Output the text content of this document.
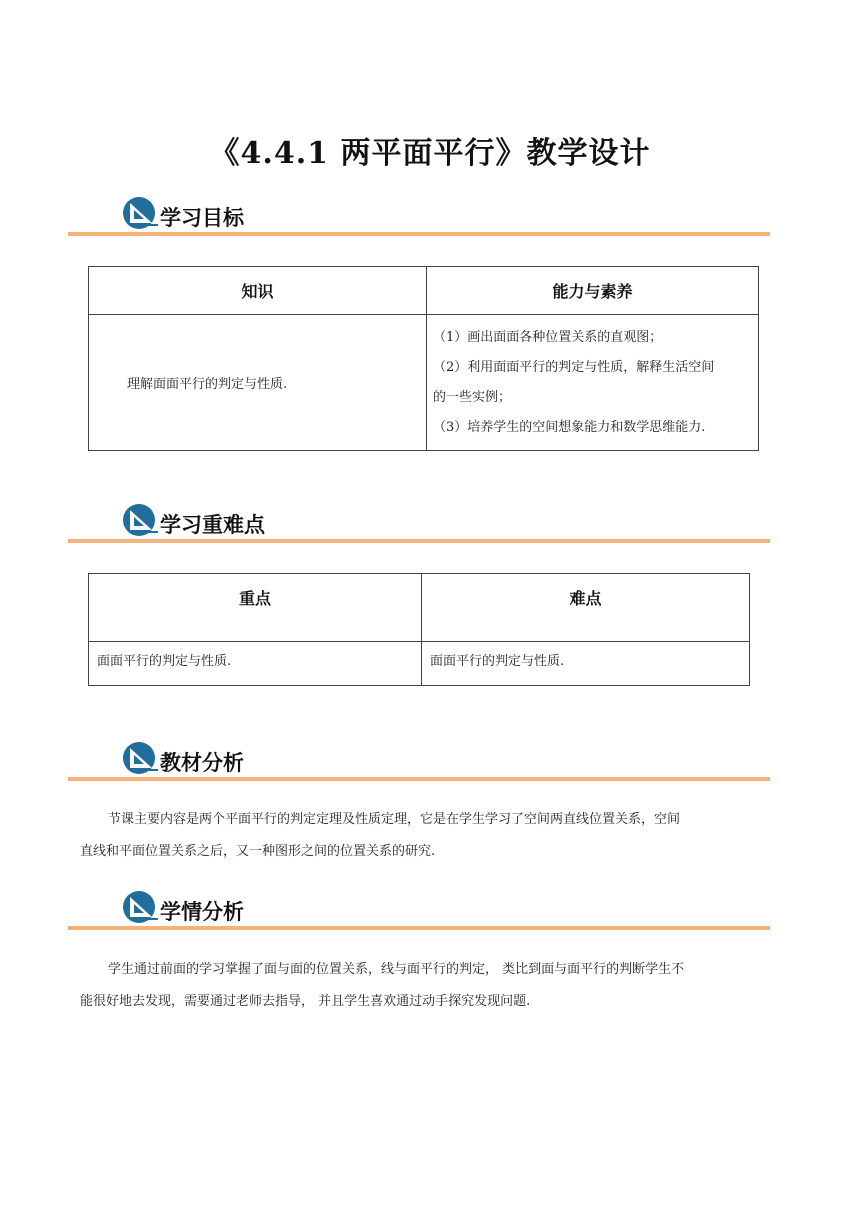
《4.4.1 两平面平行》教学设计
学习目标
知识	能力与素养
理解面面平行的判定与性质.	（1）画出面面各种位置关系的直观图；
（2）利用面面平行的判定与性质，解释生活空间
的一些实例；
（3）培养学生的空间想象能力和数学思维能力.
学习重难点
重点	难点
面面平行的判定与性质.	面面平行的判定与性质.
教材分析
节课主要内容是两个平面平行的判定定理及性质定理，它是在学生学习了空间两直线位置关系，空间
直线和平面位置关系之后，又一种图形之间的位置关系的研究.
学情分析
学生通过前面的学习掌握了面与面的位置关系，线与面平行的判定， 类比到面与面平行的判断学生不
能很好地去发现，需要通过老师去指导， 并且学生喜欢通过动手探究发现问题.
